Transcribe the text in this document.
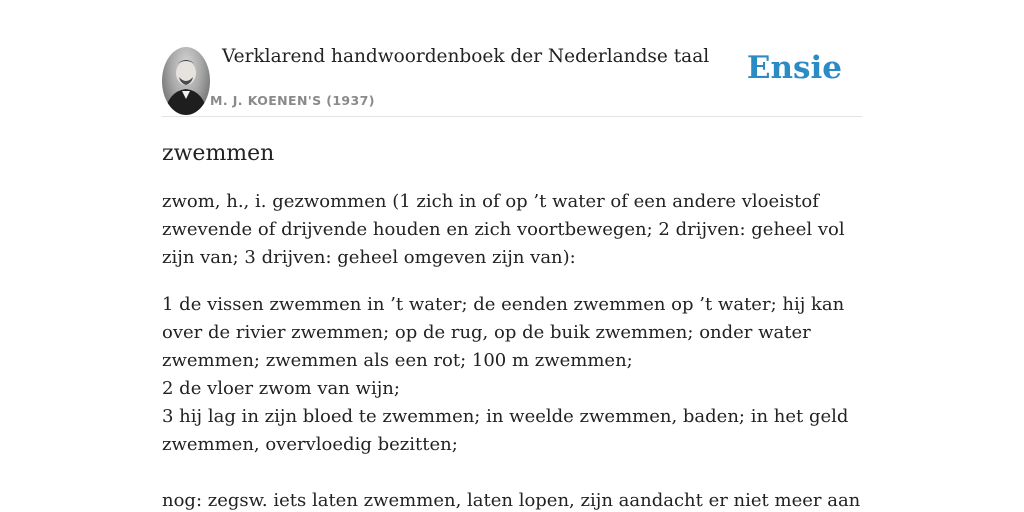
Verklarend handwoordenboek der Nederlandse taal
M. J. KOENEN'S (1937)
Ensie
zwemmen

zwom, h., i. gezwommen (1 zich in of op ’t water of een andere vloeistof zwevende of drijvende houden en zich voortbewegen; 2 drijven: geheel vol zijn van; 3 drijven: geheel omgeven zijn van):

1 de vissen zwemmen in ’t water; de eenden zwemmen op ’t water; hij kan over de rivier zwemmen; op de rug, op de buik zwemmen; onder water zwemmen; zwemmen als een rot; 100 m zwemmen;
2 de vloer zwom van wijn;
3 hij lag in zijn bloed te zwemmen; in weelde zwemmen, baden; in het geld zwemmen, overvloedig bezitten;

nog: zegsw. iets laten zwemmen, laten lopen, zijn aandacht er niet meer aan
